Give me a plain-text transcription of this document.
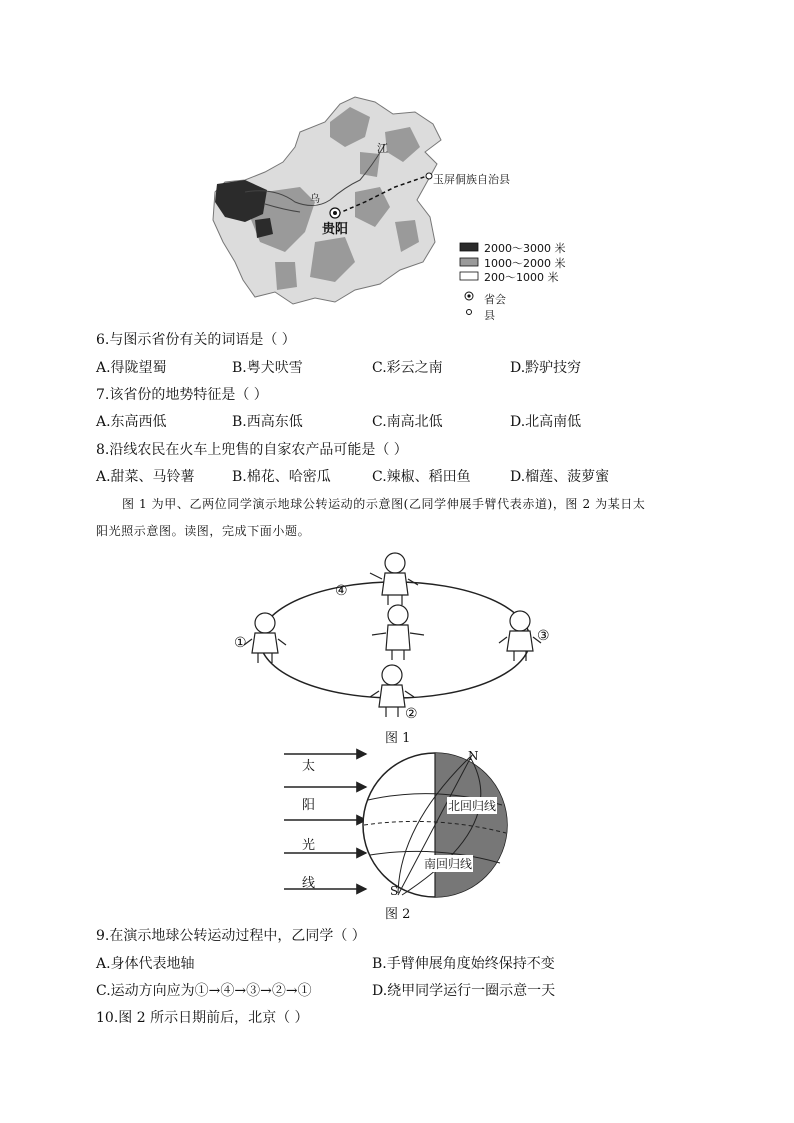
江
乌
玉屏侗族自治县
贵阳
2000～3000 米
1000～2000 米
200～1000 米
省会
县
6.与图示省份有关的词语是（ ）
A.得陇望蜀	B.粤犬吠雪	C.彩云之南	D.黔驴技穷
7.该省份的地势特征是（ ）
A.东高西低	B.西高东低	C.南高北低	D.北高南低
8.沿线农民在火车上兜售的自家农产品可能是（ ）
A.甜菜、马铃薯	B.棉花、哈密瓜	C.辣椒、稻田鱼	D.榴莲、菠萝蜜
图 1 为甲、乙两位同学演示地球公转运动的示意图(乙同学伸展手臂代表赤道)，图 2 为某日太
阳光照示意图。读图，完成下面小题。
④
①	③
②
图 1
太
阳
光
线
N
S
北回归线
南回归线
图 2
9.在演示地球公转运动过程中，乙同学（ ）
A.身体代表地轴	B.手臂伸展角度始终保持不变
C.运动方向应为①→④→③→②→①	D.绕甲同学运行一圈示意一天
10.图 2 所示日期前后，北京（ ）
